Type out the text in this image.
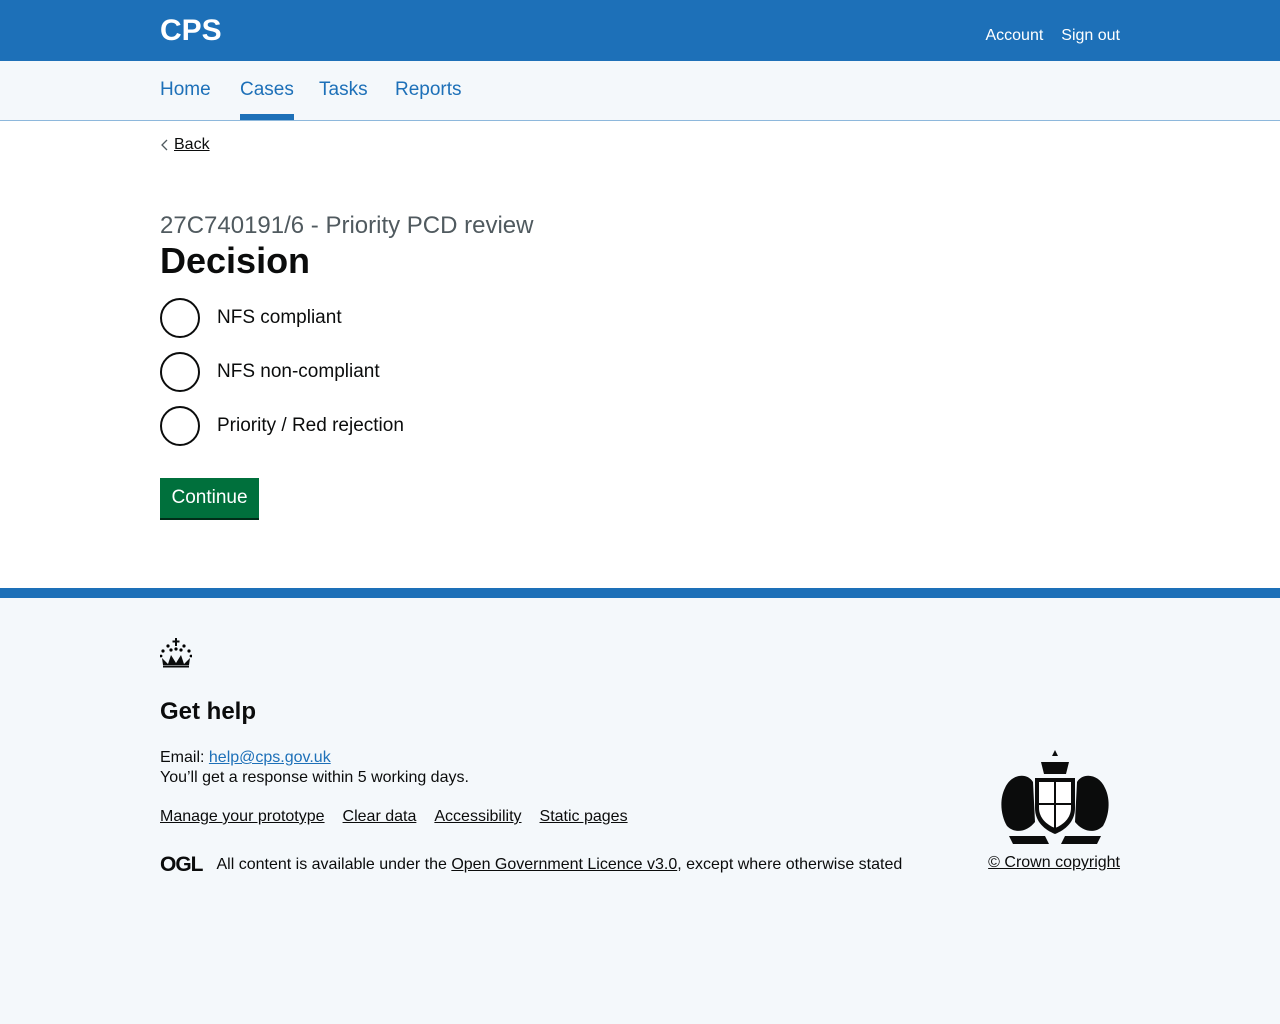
CPS	Account Sign out
Home Cases Tasks Reports
Back
27C740191/6 - Priority PCD review
Decision
NFS compliant
NFS non-compliant
Priority / Red rejection
Continue
Get help
Email: help@cps.gov.uk
You’ll get a response within 5 working days.
Manage your prototype Clear data Accessibility Static pages
OGL All content is available under the Open Government Licence v3.0, except where otherwise stated	© Crown copyright
